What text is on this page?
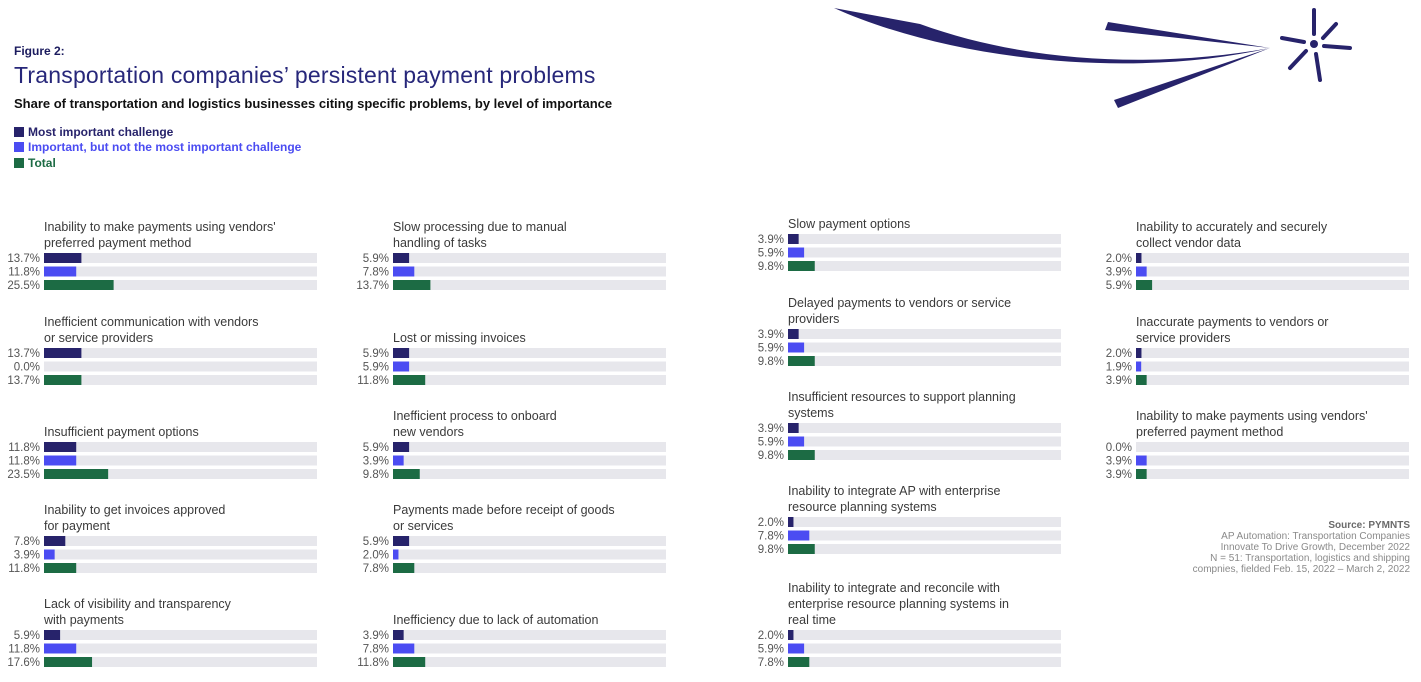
Figure 2:
Transportation companies’ persistent payment problems
Share of transportation and logistics businesses citing specific problems, by level of importance
Most important challenge
Important, but not the most important challenge
Total
Inability to make payments using vendors'
preferred payment method
13.7%
11.8%
25.5%
Inefficient communication with vendors
or service providers
13.7%
0.0%
13.7%
Insufficient payment options
11.8%
11.8%
23.5%
Inability to get invoices approved
for payment
7.8%
3.9%
11.8%
Lack of visibility and transparency
with payments
5.9%
11.8%
17.6%
Slow processing due to manual
handling of tasks
5.9%
7.8%
13.7%
Lost or missing invoices
5.9%
5.9%
11.8%
Inefficient process to onboard
new vendors
5.9%
3.9%
9.8%
Payments made before receipt of goods
or services
5.9%
2.0%
7.8%
Inefficiency due to lack of automation
3.9%
7.8%
11.8%
Slow payment options
3.9%
5.9%
9.8%
Delayed payments to vendors or service
providers
3.9%
5.9%
9.8%
Insufficient resources to support planning
systems
3.9%
5.9%
9.8%
Inability to integrate AP with enterprise
resource planning systems
2.0%
7.8%
9.8%
Inability to integrate and reconcile with
enterprise resource planning systems in
real time
2.0%
5.9%
7.8%
Inability to accurately and securely
collect vendor data
2.0%
3.9%
5.9%
Inaccurate payments to vendors or
service providers
2.0%
1.9%
3.9%
Inability to make payments using vendors'
preferred payment method
0.0%
3.9%
3.9%
Source: PYMNTS
AP Automation: Transportation Companies
Innovate To Drive Growth, December 2022
N = 51: Transportation, logistics and shipping
compnies, fielded Feb. 15, 2022 – March 2, 2022
